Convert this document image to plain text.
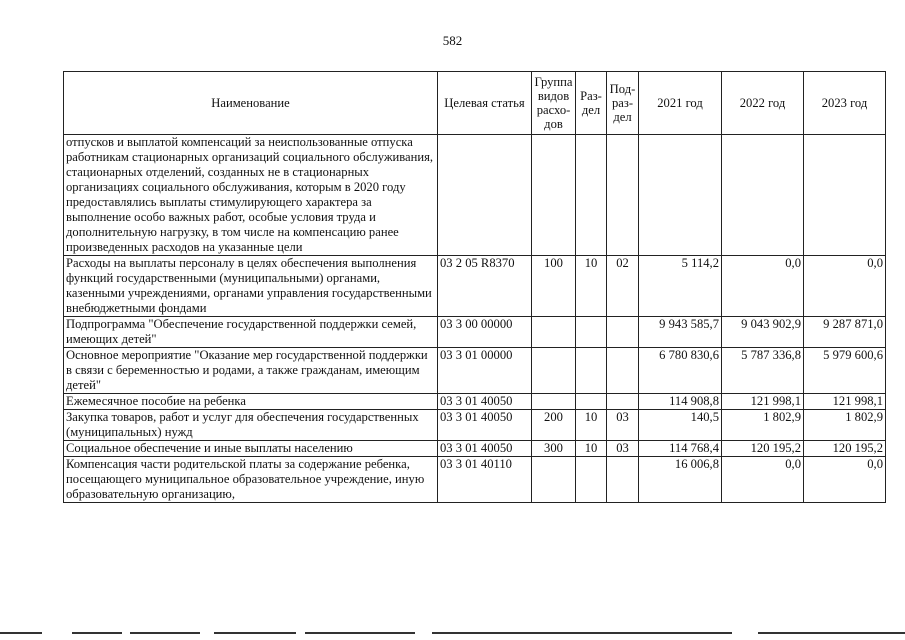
582
Наименование	Целевая статья	Группа видов расхо-дов	Раз-дел	Под-раз-дел	2021 год	2022 год	2023 год
отпусков и выплатой компенсаций за неиспользованные отпуска работникам стационарных организаций социального обслуживания, стационарных отделений, созданных не в стационарных организациях социального обслуживания, которым в 2020 году предоставлялись выплаты стимулирующего характера за выполнение особо важных работ, особые условия труда и дополнительную нагрузку, в том числе на компенсацию ранее произведенных расходов на указанные цели							
Расходы на выплаты персоналу в целях обеспечения выполнения функций государственными (муниципальными) органами, казенными учреждениями, органами управления государственными внебюджетными фондами	03 2 05 R8370	100	10	02	5 114,2	0,0	0,0
Подпрограмма "Обеспечение государственной поддержки семей, имеющих детей"	03 3 00 00000				9 943 585,7	9 043 902,9	9 287 871,0
Основное мероприятие "Оказание мер государственной поддержки в связи с беременностью и родами, а также гражданам, имеющим детей"	03 3 01 00000				6 780 830,6	5 787 336,8	5 979 600,6
Ежемесячное пособие на ребенка	03 3 01 40050				114 908,8	121 998,1	121 998,1
Закупка товаров, работ и услуг для обеспечения государственных (муниципальных) нужд	03 3 01 40050	200	10	03	140,5	1 802,9	1 802,9
Социальное обеспечение и иные выплаты населению	03 3 01 40050	300	10	03	114 768,4	120 195,2	120 195,2
Компенсация части родительской платы за содержание ребенка, посещающего муниципальное образовательное учреждение, иную образовательную организацию,	03 3 01 40110				16 006,8	0,0	0,0
